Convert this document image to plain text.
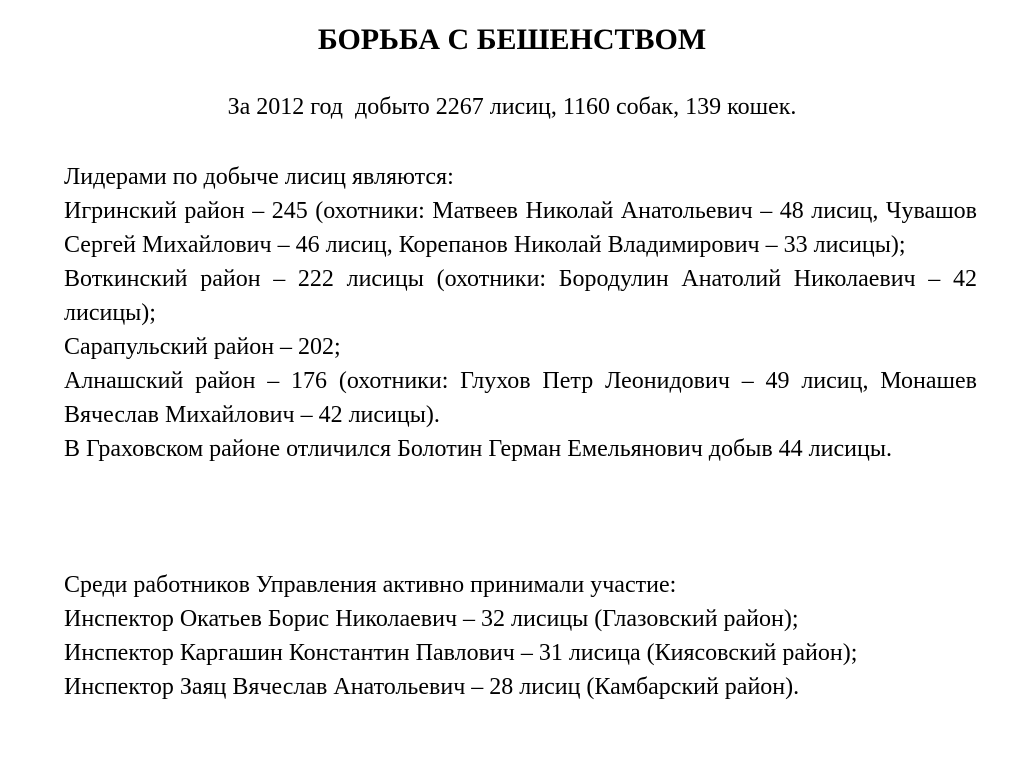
БОРЬБА С БЕШЕНСТВОМ

За 2012 год  добыто 2267 лисиц, 1160 собак, 139 кошек.

Лидерами по добыче лисиц являются:

Игринский район – 245 (охотники: Матвеев Николай Анатольевич – 48 лисиц, Чувашов Сергей Михайлович – 46 лисиц, Корепанов Николай Владимирович – 33 лисицы);

Воткинский район – 222 лисицы (охотники: Бородулин Анатолий Николаевич – 42 лисицы);

Сарапульский район – 202;

Алнашский район – 176 (охотники: Глухов Петр Леонидович – 49 лисиц, Монашев Вячеслав Михайлович – 42 лисицы).

В Граховском районе отличился Болотин Герман Емельянович добыв 44 лисицы.

Среди работников Управления активно принимали участие:

Инспектор Окатьев Борис Николаевич – 32 лисицы (Глазовский район);

Инспектор Каргашин Константин Павлович – 31 лисица (Киясовский район);

Инспектор Заяц Вячеслав Анатольевич – 28 лисиц (Камбарский район).
